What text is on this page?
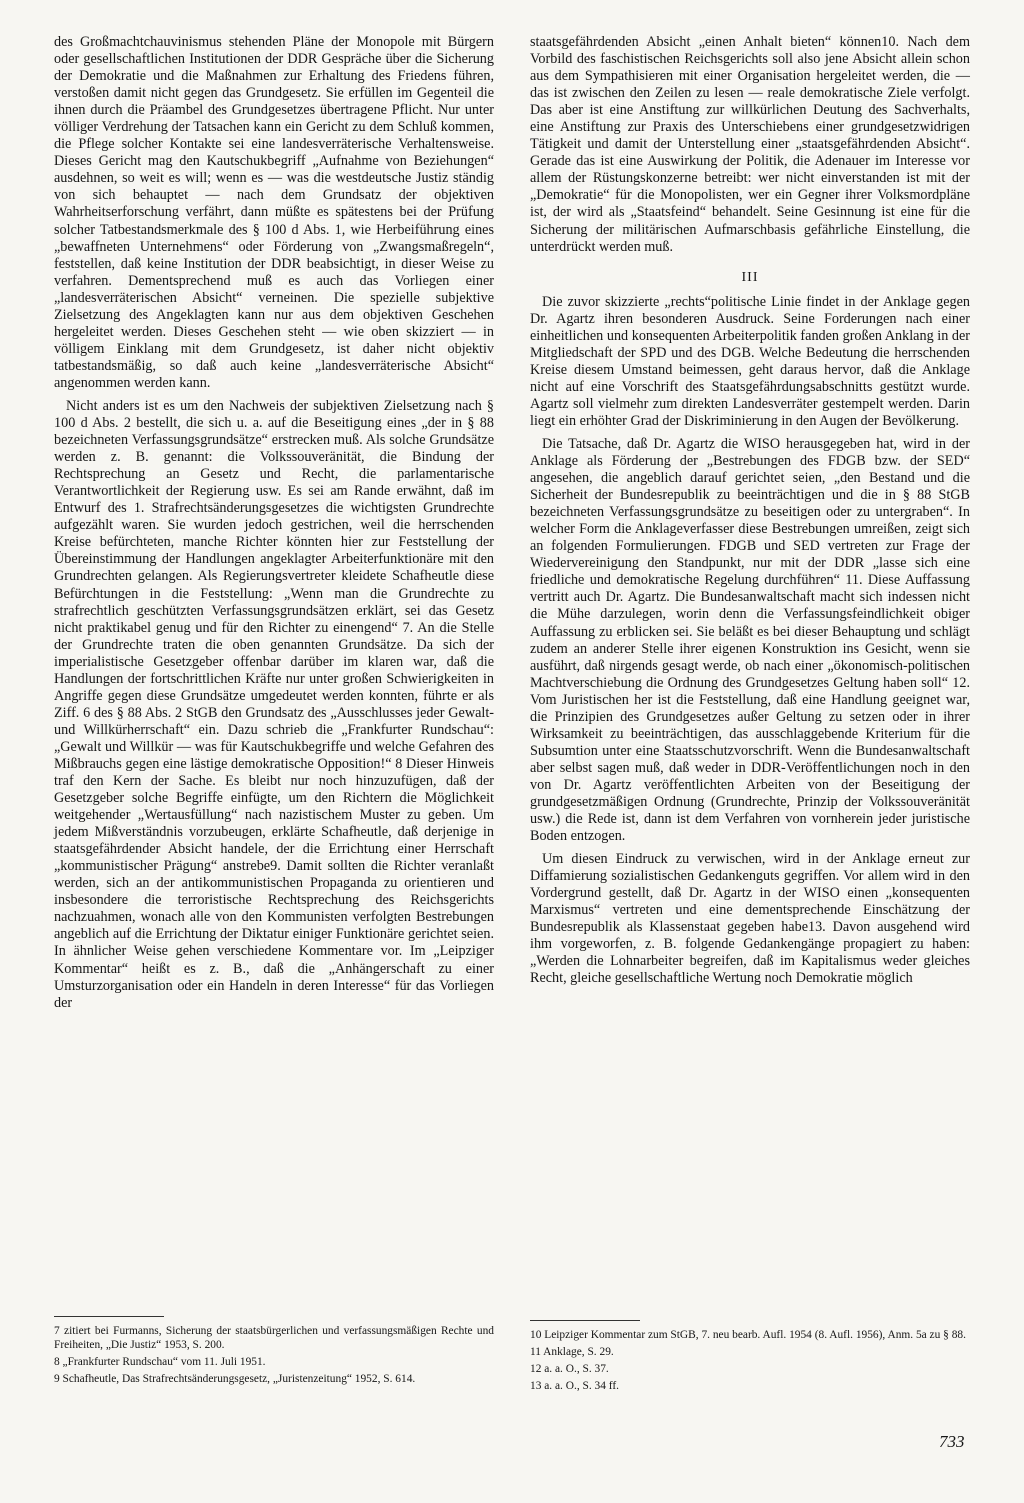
des Großmachtchauvinismus stehenden Pläne der Monopole mit Bürgern oder gesellschaftlichen Institutionen der DDR Gespräche über die Sicherung der Demokratie und die Maßnahmen zur Erhaltung des Friedens führen, verstoßen damit nicht gegen das Grundgesetz. Sie erfüllen im Gegenteil die ihnen durch die Präambel des Grundgesetzes übertragene Pflicht. Nur unter völliger Verdrehung der Tatsachen kann ein Gericht zu dem Schluß kommen, die Pflege solcher Kontakte sei eine landesverräterische Verhaltensweise. Dieses Gericht mag den Kautschukbegriff „Aufnahme von Beziehungen“ ausdehnen, so weit es will; wenn es — was die westdeutsche Justiz ständig von sich behauptet — nach dem Grundsatz der objektiven Wahrheitserforschung verfährt, dann müßte es spätestens bei der Prüfung solcher Tatbestandsmerkmale des § 100 d Abs. 1, wie Herbeiführung eines „bewaffneten Unternehmens“ oder Förderung von „Zwangsmaßregeln“, feststellen, daß keine Institution der DDR beabsichtigt, in dieser Weise zu verfahren. Dementsprechend muß es auch das Vorliegen einer „landesverräterischen Absicht“ verneinen. Die spezielle subjektive Zielsetzung des Angeklagten kann nur aus dem objektiven Geschehen hergeleitet werden. Dieses Geschehen steht — wie oben skizziert — in völligem Einklang mit dem Grundgesetz, ist daher nicht objektiv tatbestandsmäßig, so daß auch keine „landesverräterische Absicht“ angenommen werden kann.

Nicht anders ist es um den Nachweis der subjektiven Zielsetzung nach § 100 d Abs. 2 bestellt, die sich u. a. auf die Beseitigung eines „der in § 88 bezeichneten Verfassungsgrundsätze“ erstrecken muß. Als solche Grundsätze werden z. B. genannt: die Volkssouveränität, die Bindung der Rechtsprechung an Gesetz und Recht, die parlamentarische Verantwortlichkeit der Regierung usw. Es sei am Rande erwähnt, daß im Entwurf des 1. Strafrechtsänderungsgesetzes die wichtigsten Grundrechte aufgezählt waren. Sie wurden jedoch gestrichen, weil die herrschenden Kreise befürchteten, manche Richter könnten hier zur Feststellung der Übereinstimmung der Handlungen angeklagter Arbeiterfunktionäre mit den Grundrechten gelangen. Als Regierungsvertreter kleidete Schafheutle diese Befürchtungen in die Feststellung: „Wenn man die Grundrechte zu strafrechtlich geschützten Verfassungsgrundsätzen erklärt, sei das Gesetz nicht praktikabel genug und für den Richter zu einengend“ 7. An die Stelle der Grundrechte traten die oben genannten Grundsätze. Da sich der imperialistische Gesetzgeber offenbar darüber im klaren war, daß die Handlungen der fortschrittlichen Kräfte nur unter großen Schwierigkeiten in Angriffe gegen diese Grundsätze umgedeutet werden konnten, führte er als Ziff. 6 des § 88 Abs. 2 StGB den Grundsatz des „Ausschlusses jeder Gewalt- und Willkürherrschaft“ ein. Dazu schrieb die „Frankfurter Rundschau“: „Gewalt und Willkür — was für Kautschukbegriffe und welche Gefahren des Mißbrauchs gegen eine lästige demokratische Opposition!“ 8 Dieser Hinweis traf den Kern der Sache. Es bleibt nur noch hinzuzufügen, daß der Gesetzgeber solche Begriffe einfügte, um den Richtern die Möglichkeit weitgehender „Wertausfüllung“ nach nazistischem Muster zu geben. Um jedem Mißverständnis vorzubeugen, erklärte Schafheutle, daß derjenige in staatsgefährdender Absicht handele, der die Errichtung einer Herrschaft „kommunistischer Prägung“ anstrebe9. Damit sollten die Richter veranlaßt werden, sich an der antikommunistischen Propaganda zu orientieren und insbesondere die terroristische Rechtsprechung des Reichsgerichts nachzuahmen, wonach alle von den Kommunisten verfolgten Bestrebungen angeblich auf die Errichtung der Diktatur einiger Funktionäre gerichtet seien. In ähnlicher Weise gehen verschiedene Kommentare vor. Im „Leipziger Kommentar“ heißt es z. B., daß die „Anhängerschaft zu einer Umsturzorganisation oder ein Handeln in deren Interesse“ für das Vorliegen der

7 zitiert bei Furmanns, Sicherung der staatsbürgerlichen und verfassungsmäßigen Rechte und Freiheiten, „Die Justiz“ 1953, S. 200.

8 „Frankfurter Rundschau“ vom 11. Juli 1951.

9 Schafheutle, Das Strafrechtsänderungsgesetz, „Juristenzeitung“ 1952, S. 614.

staatsgefährdenden Absicht „einen Anhalt bieten“ können10. Nach dem Vorbild des faschistischen Reichsgerichts soll also jene Absicht allein schon aus dem Sympathisieren mit einer Organisation hergeleitet werden, die — das ist zwischen den Zeilen zu lesen — reale demokratische Ziele verfolgt. Das aber ist eine Anstiftung zur willkürlichen Deutung des Sachverhalts, eine Anstiftung zur Praxis des Unterschiebens einer grundgesetzwidrigen Tätigkeit und damit der Unterstellung einer „staatsgefährdenden Absicht“. Gerade das ist eine Auswirkung der Politik, die Adenauer im Interesse vor allem der Rüstungskonzerne betreibt: wer nicht einverstanden ist mit der „Demokratie“ für die Monopolisten, wer ein Gegner ihrer Volksmordpläne ist, der wird als „Staatsfeind“ behandelt. Seine Gesinnung ist eine für die Sicherung der militärischen Aufmarschbasis gefährliche Einstellung, die unterdrückt werden muß.

III

Die zuvor skizzierte „rechts“politische Linie findet in der Anklage gegen Dr. Agartz ihren besonderen Ausdruck. Seine Forderungen nach einer einheitlichen und konsequenten Arbeiterpolitik fanden großen Anklang in der Mitgliedschaft der SPD und des DGB. Welche Bedeutung die herrschenden Kreise diesem Umstand beimessen, geht daraus hervor, daß die Anklage nicht auf eine Vorschrift des Staatsgefährdungsabschnitts gestützt wurde. Agartz soll vielmehr zum direkten Landesverräter gestempelt werden. Darin liegt ein erhöhter Grad der Diskriminierung in den Augen der Bevölkerung.

Die Tatsache, daß Dr. Agartz die WISO herausgegeben hat, wird in der Anklage als Förderung der „Bestrebungen des FDGB bzw. der SED“ angesehen, die angeblich darauf gerichtet seien, „den Bestand und die Sicherheit der Bundesrepublik zu beeinträchtigen und die in § 88 StGB bezeichneten Verfassungsgrundsätze zu beseitigen oder zu untergraben“. In welcher Form die Anklageverfasser diese Bestrebungen umreißen, zeigt sich an folgenden Formulierungen. FDGB und SED vertreten zur Frage der Wiedervereinigung den Standpunkt, nur mit der DDR „lasse sich eine friedliche und demokratische Regelung durchführen“ 11. Diese Auffassung vertritt auch Dr. Agartz. Die Bundesanwaltschaft macht sich indessen nicht die Mühe darzulegen, worin denn die Verfassungsfeindlichkeit obiger Auffassung zu erblicken sei. Sie beläßt es bei dieser Behauptung und schlägt zudem an anderer Stelle ihrer eigenen Konstruktion ins Gesicht, wenn sie ausführt, daß nirgends gesagt werde, ob nach einer „ökonomisch-politischen Machtverschiebung die Ordnung des Grundgesetzes Geltung haben soll“ 12. Vom Juristischen her ist die Feststellung, daß eine Handlung geeignet war, die Prinzipien des Grundgesetzes außer Geltung zu setzen oder in ihrer Wirksamkeit zu beeinträchtigen, das ausschlaggebende Kriterium für die Subsumtion unter eine Staatsschutzvorschrift. Wenn die Bundesanwaltschaft aber selbst sagen muß, daß weder in DDR-Veröffentlichungen noch in den von Dr. Agartz veröffentlichten Arbeiten von der Beseitigung der grundgesetzmäßigen Ordnung (Grundrechte, Prinzip der Volkssouveränität usw.) die Rede ist, dann ist dem Verfahren von vornherein jeder juristische Boden entzogen.

Um diesen Eindruck zu verwischen, wird in der Anklage erneut zur Diffamierung sozialistischen Gedankenguts gegriffen. Vor allem wird in den Vordergrund gestellt, daß Dr. Agartz in der WISO einen „konsequenten Marxismus“ vertreten und eine dementsprechende Einschätzung der Bundesrepublik als Klassenstaat gegeben habe13. Davon ausgehend wird ihm vorgeworfen, z. B. folgende Gedankengänge propagiert zu haben: „Werden die Lohnarbeiter begreifen, daß im Kapitalismus weder gleiches Recht, gleiche gesellschaftliche Wertung noch Demokratie möglich

10 Leipziger Kommentar zum StGB, 7. neu bearb. Aufl. 1954 (8. Aufl. 1956), Anm. 5a zu § 88.

11 Anklage, S. 29.

12 a. a. O., S. 37.

13 a. a. O., S. 34 ff.

733
